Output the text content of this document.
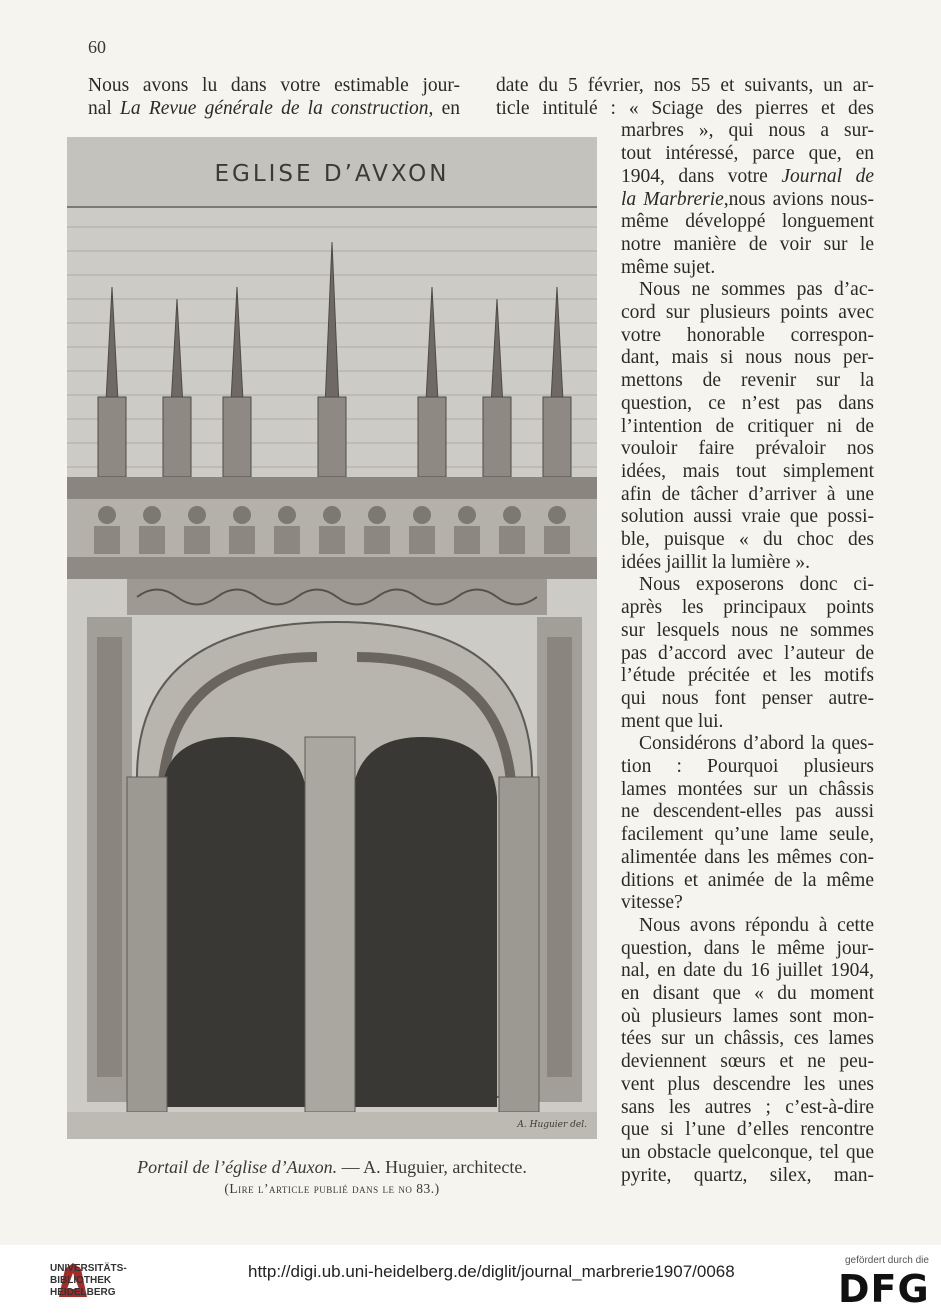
60
Nous avons lu dans votre estimable jour-
nal La Revue générale de la construction, en
date du 5 février, nos 55 et suivants, un ar-
ticle intitulé : « Sciage des pierres et des
marbres », qui nous a sur-
tout intéressé, parce que, en
1904, dans votre Journal de
la Marbrerie,nous avions nous-
même développé longuement
notre manière de voir sur le
même sujet.
Nous ne sommes pas d’ac-
cord sur plusieurs points avec
votre honorable correspon-
dant, mais si nous nous per-
mettons de revenir sur la
question, ce n’est pas dans
l’intention de critiquer ni de
vouloir faire prévaloir nos
idées, mais tout simplement
afin de tâcher d’arriver à une
solution aussi vraie que possi-
ble, puisque « du choc des
idées jaillit la lumière ».
Nous exposerons donc ci-
après les principaux points
sur lesquels nous ne sommes
pas d’accord avec l’auteur de
l’étude précitée et les motifs
qui nous font penser autre-
ment que lui.
Considérons d’abord la ques-
tion : Pourquoi plusieurs
lames montées sur un châssis
ne descendent-elles pas aussi
facilement qu’une lame seule,
alimentée dans les mêmes con-
ditions et animée de la même
vitesse?
Nous avons répondu à cette
question, dans le même jour-
nal, en date du 16 juillet 1904,
en disant que « du moment
où plusieurs lames sont mon-
tées sur un châssis, ces lames
deviennent sœurs et ne peu-
vent plus descendre les unes
sans les autres ; c’est-à-dire
que si l’une d’elles rencontre
un obstacle quelconque, tel que
pyrite, quartz, silex, man-
EGLISE D’AVXON
A. Huguier del.
Portail de l’église d’Auxon. — A. Huguier, architecte.
(Lire l’article publié dans le no 83.)
UNIVERSITÄTS-
BIBLIOTHEK
HEIDELBERG
http://digi.ub.uni-heidelberg.de/diglit/journal_marbrerie1907/0068
gefördert durch die
DFG
